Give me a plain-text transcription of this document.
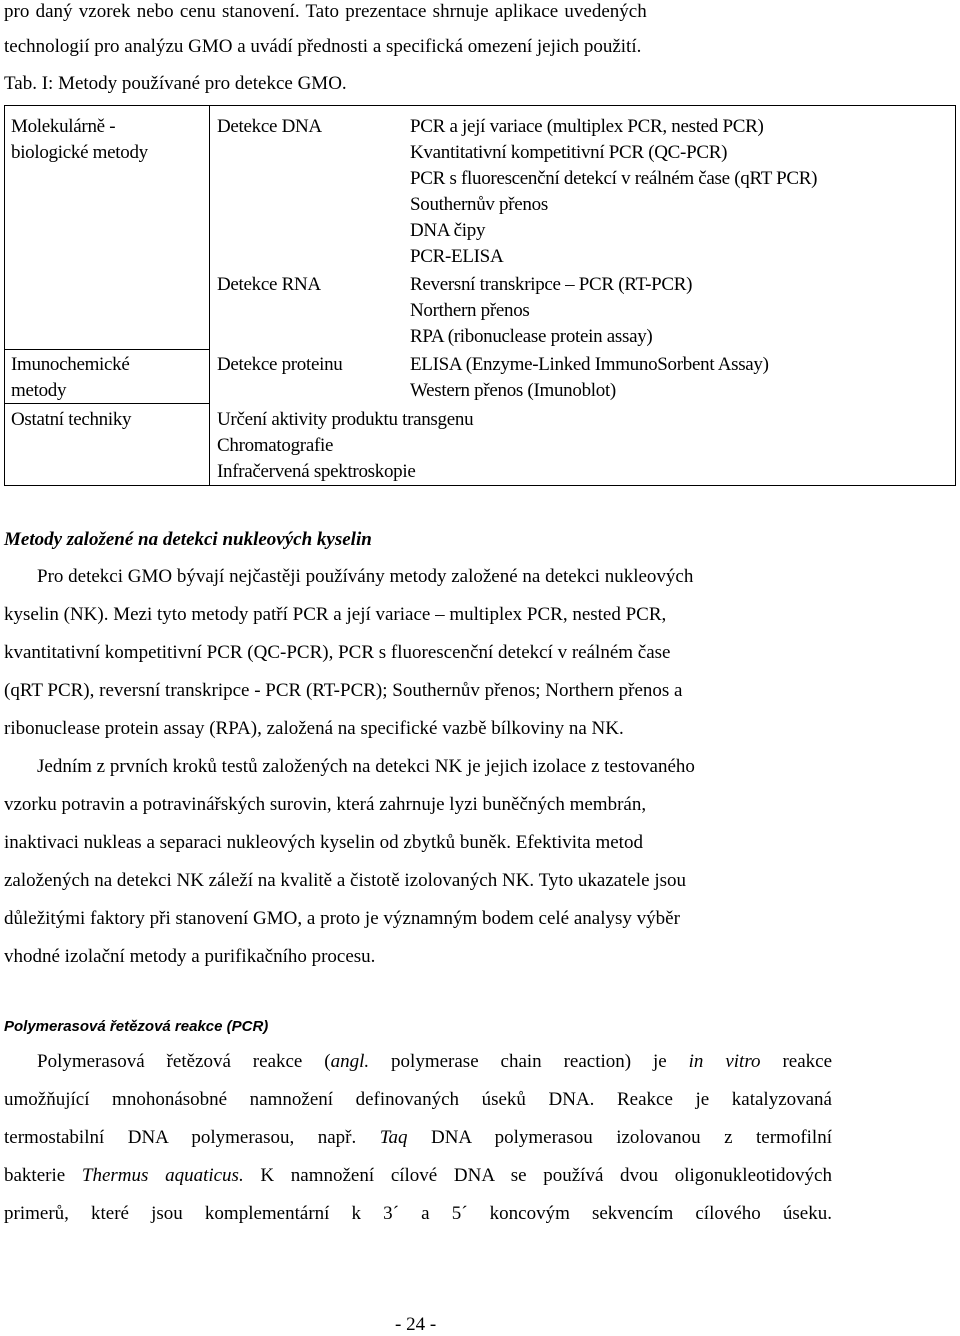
pro daný vzorek nebo cenu stanovení. Tato prezentace shrnuje aplikace uvedených
technologií pro analýzu GMO a uvádí přednosti a specifická omezení jejich použití.
Tab. I: Metody používané pro detekce GMO.
Molekulárně -
biologické metody
Imunochemické
metody
Ostatní techniky
Detekce DNA
Detekce RNA
Detekce proteinu
PCR a její variace (multiplex PCR, nested PCR)
Kvantitativní kompetitivní PCR (QC-PCR)
PCR s fluorescenční detekcí v reálném čase (qRT PCR)
Southernův přenos
DNA čipy
PCR-ELISA
Reversní transkripce – PCR (RT-PCR)
Northern přenos
RPA (ribonuclease protein assay)
ELISA (Enzyme-Linked ImmunoSorbent Assay)
Western přenos (Imunoblot)
Určení aktivity produktu transgenu
Chromatografie
Infračervená spektroskopie
Metody založené na detekci nukleových kyselin
Pro detekci GMO bývají nejčastěji používány metody založené na detekci nukleových
kyselin (NK). Mezi tyto metody patří PCR a její variace – multiplex PCR, nested PCR,
kvantitativní kompetitivní PCR (QC-PCR), PCR s fluorescenční detekcí v reálném čase
(qRT PCR), reversní transkripce - PCR (RT-PCR); Southernův přenos; Northern přenos a
ribonuclease protein assay (RPA), založená na specifické vazbě bílkoviny na NK.
Jedním z prvních kroků testů založených na detekci NK je jejich izolace z testovaného
vzorku potravin a potravinářských surovin, která zahrnuje lyzi buněčných membrán,
inaktivaci nukleas a separaci nukleových kyselin od zbytků buněk. Efektivita metod
založených na detekci NK záleží na kvalitě a čistotě izolovaných NK. Tyto ukazatele jsou
důležitými faktory při stanovení GMO, a proto je významným bodem celé analysy výběr
vhodné izolační metody a purifikačního procesu.
Polymerasová řetězová reakce (PCR)
Polymerasová řetězová reakce (angl. polymerase chain reaction) je in vitro reakce
umožňující mnohonásobné namnožení definovaných úseků DNA. Reakce je katalyzovaná
termostabilní DNA polymerasou, např. Taq DNA polymerasou izolovanou z termofilní
bakterie Thermus aquaticus. K namnožení cílové DNA se používá dvou oligonukleotidových
primerů, které jsou komplementární k 3´ a 5´ koncovým sekvencím cílového úseku.
- 24 -
